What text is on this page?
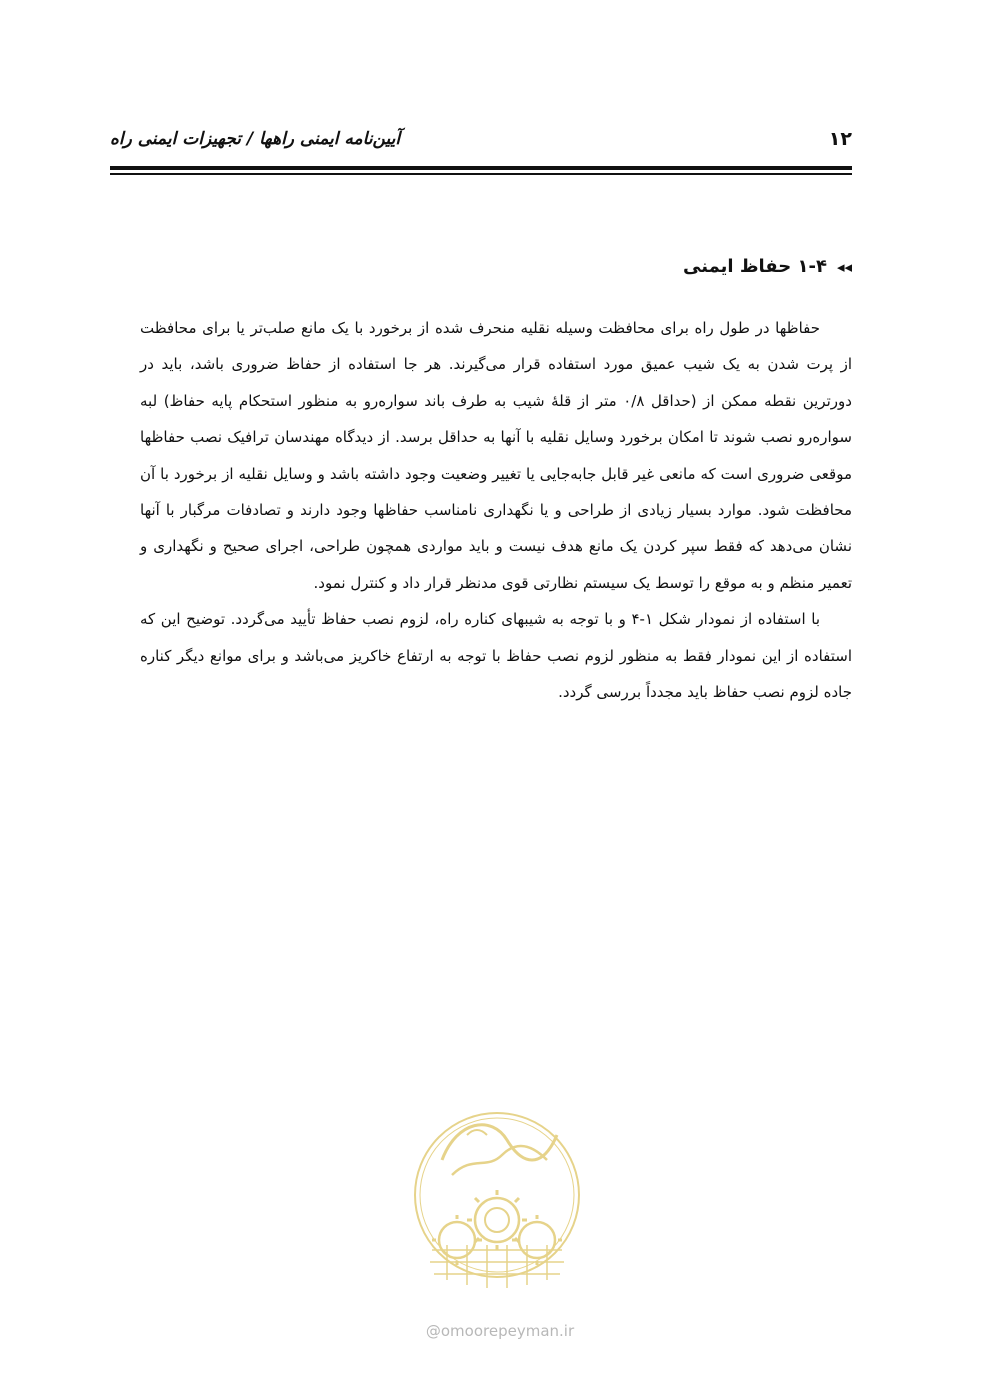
۱۲
آیین‌نامه ایمنی راهها / تجهیزات ایمنی راه
◂◂۱-۴ حفاظ ایمنی

حفاظها در طول راه برای محافظت وسیله نقلیه منحرف شده از برخورد با یک مانع صلب‌تر یا برای محافظت از پرت شدن به یک شیب عمیق مورد استفاده قرار می‌گیرند. هر جا استفاده از حفاظ ضروری باشد، باید در دورترین نقطه ممکن از (حداقل ۰/۸ متر از قلهٔ شیب به طرف باند سواره‌رو به منظور استحکام پایه حفاظ) لبه سواره‌رو نصب شوند تا امکان برخورد وسایل نقلیه با آنها به حداقل برسد. از دیدگاه مهندسان ترافیک نصب حفاظها موقعی ضروری است که مانعی غیر قابل جابه‌جایی یا تغییر وضعیت وجود داشته باشد و وسایل نقلیه از برخورد با آن محافظت شود. موارد بسیار زیادی از طراحی و یا نگهداری نامناسب حفاظها وجود دارند و تصادفات مرگبار با آنها نشان می‌دهد که فقط سپر کردن یک مانع هدف نیست و باید مواردی همچون طراحی، اجرای صحیح و نگهداری و تعمیر منظم و به موقع را توسط یک سیستم نظارتی قوی مدنظر قرار داد و کنترل نمود.

با استفاده از نمودار شکل ۱-۴ و با توجه به شیبهای کناره راه، لزوم نصب حفاظ تأیید می‌گردد. توضیح این که استفاده از این نمودار فقط به منظور لزوم نصب حفاظ با توجه به ارتفاع خاکریز می‌باشد و برای موانع دیگر کناره جاده لزوم نصب حفاظ باید مجدداً بررسی گردد.

@omoorepeyman.ir
